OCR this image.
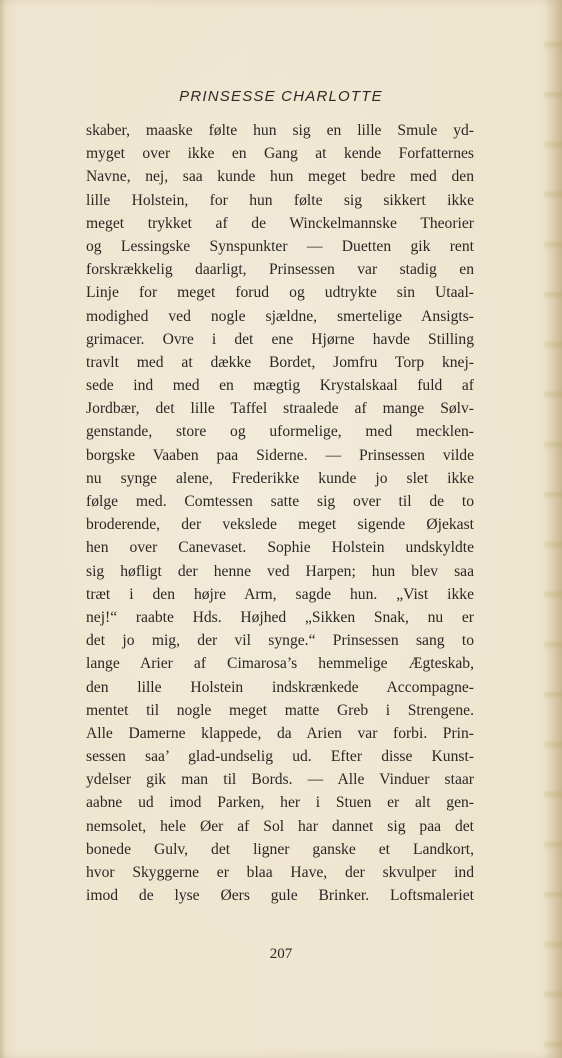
PRINSESSE CHARLOTTE
skaber, maaske følte hun sig en lille Smule yd-
myget over ikke en Gang at kende Forfatternes
Navne, nej, saa kunde hun meget bedre med den
lille Holstein, for hun følte sig sikkert ikke
meget trykket af de Winckelmannske Theorier
og Lessingske Synspunkter — Duetten gik rent
forskrækkelig daarligt, Prinsessen var stadig en
Linje for meget forud og udtrykte sin Utaal-
modighed ved nogle sjældne, smertelige Ansigts-
grimacer. Ovre i det ene Hjørne havde Stilling
travlt med at dække Bordet, Jomfru Torp knej-
sede ind med en mægtig Krystalskaal fuld af
Jordbær, det lille Taffel straalede af mange Sølv-
genstande, store og uformelige, med mecklen-
borgske Vaaben paa Siderne. — Prinsessen vilde
nu synge alene, Frederikke kunde jo slet ikke
følge med. Comtessen satte sig over til de to
broderende, der vekslede meget sigende Øjekast
hen over Canevaset. Sophie Holstein undskyldte
sig høfligt der henne ved Harpen; hun blev saa
træt i den højre Arm, sagde hun. „Vist ikke
nej!“ raabte Hds. Højhed „Sikken Snak, nu er
det jo mig, der vil synge.“ Prinsessen sang to
lange Arier af Cimarosa’s hemmelige Ægteskab,
den lille Holstein indskrænkede Accompagne-
mentet til nogle meget matte Greb i Strengene.
Alle Damerne klappede, da Arien var forbi. Prin-
sessen saa’ glad-undselig ud. Efter disse Kunst-
ydelser gik man til Bords. — Alle Vinduer staar
aabne ud imod Parken, her i Stuen er alt gen-
nemsolet, hele Øer af Sol har dannet sig paa det
bonede Gulv, det ligner ganske et Landkort,
hvor Skyggerne er blaa Have, der skvulper ind
imod de lyse Øers gule Brinker. Loftsmaleriet
207
